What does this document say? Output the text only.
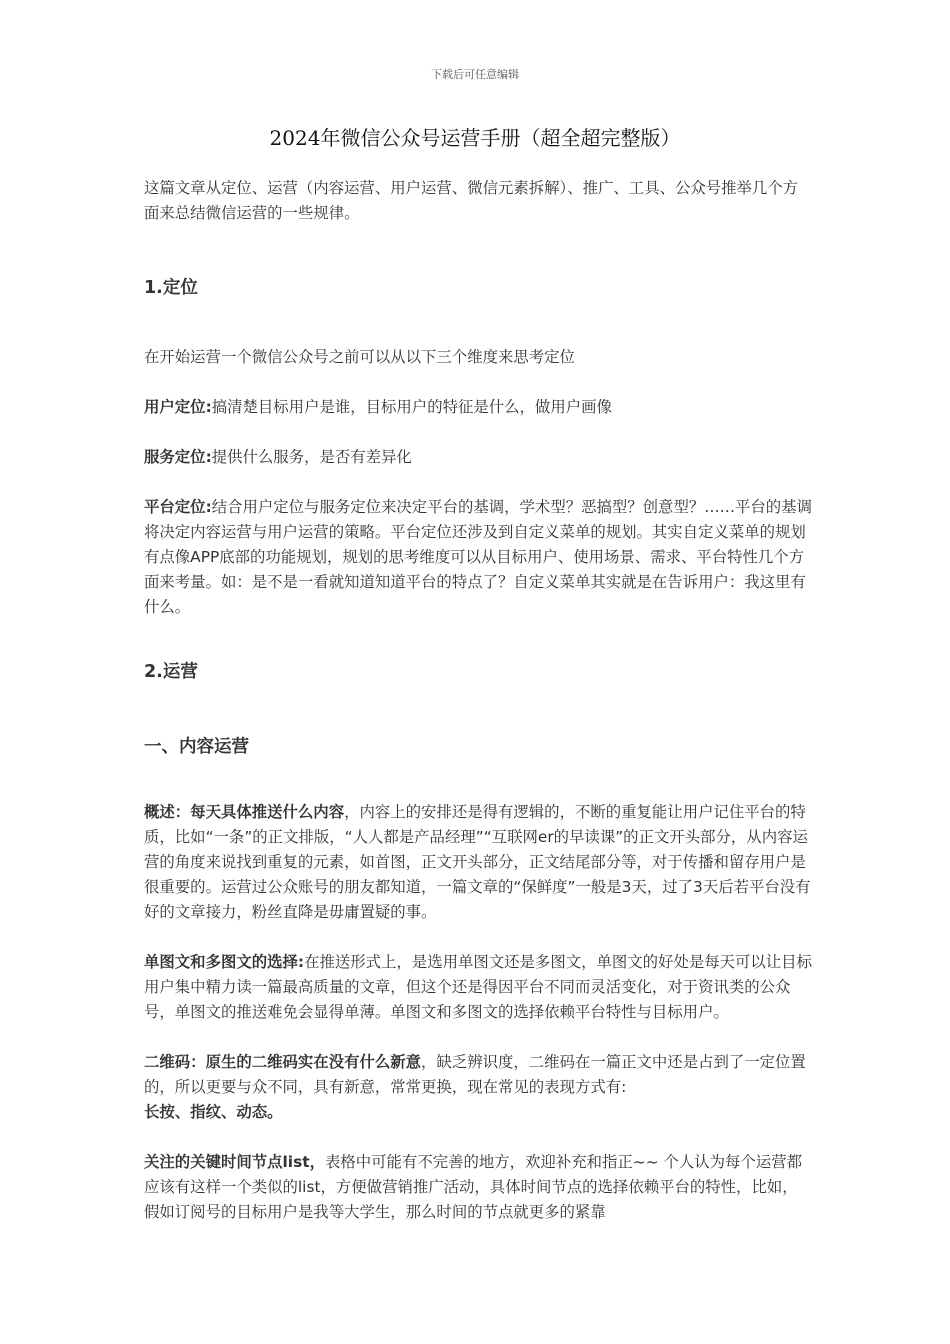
下载后可任意编辑
2024年微信公众号运营手册（超全超完整版）

这篇文章从定位、运营（内容运营、用户运营、微信元素拆解）、推广、工具、公众号推举几个方面来总结微信运营的一些规律。

1.定位

在开始运营一个微信公众号之前可以从以下三个维度来思考定位

用户定位:搞清楚目标用户是谁，目标用户的特征是什么，做用户画像

服务定位:提供什么服务，是否有差异化

平台定位:结合用户定位与服务定位来决定平台的基调，学术型？恶搞型？创意型？……平台的基调将决定内容运营与用户运营的策略。平台定位还涉及到自定义菜单的规划。其实自定义菜单的规划有点像APP底部的功能规划，规划的思考维度可以从目标用户、使用场景、需求、平台特性几个方面来考量。如：是不是一看就知道知道平台的特点了？自定义菜单其实就是在告诉用户：我这里有什么。

2.运营
一、内容运营

概述：每天具体推送什么内容，内容上的安排还是得有逻辑的，不断的重复能让用户记住平台的特质，比如“一条”的正文排版，“人人都是产品经理”“互联网er的早读课”的正文开头部分，从内容运营的角度来说找到重复的元素，如首图，正文开头部分，正文结尾部分等，对于传播和留存用户是很重要的。运营过公众账号的朋友都知道，一篇文章的“保鲜度”一般是3天，过了3天后若平台没有好的文章接力，粉丝直降是毋庸置疑的事。

单图文和多图文的选择:在推送形式上，是选用单图文还是多图文，单图文的好处是每天可以让目标用户集中精力读一篇最高质量的文章，但这个还是得因平台不同而灵活变化，对于资讯类的公众号，单图文的推送难免会显得单薄。单图文和多图文的选择依赖平台特性与目标用户。

二维码：原生的二维码实在没有什么新意，缺乏辨识度，二维码在一篇正文中还是占到了一定位置的，所以更要与众不同，具有新意，常常更换，现在常见的表现方式有:

长按、指纹、动态。

关注的关键时间节点list，表格中可能有不完善的地方，欢迎补充和指正~~ 个人认为每个运营都应该有这样一个类似的list，方便做营销推广活动，具体时间节点的选择依赖平台的特性，比如，假如订阅号的目标用户是我等大学生，那么时间的节点就更多的紧靠
